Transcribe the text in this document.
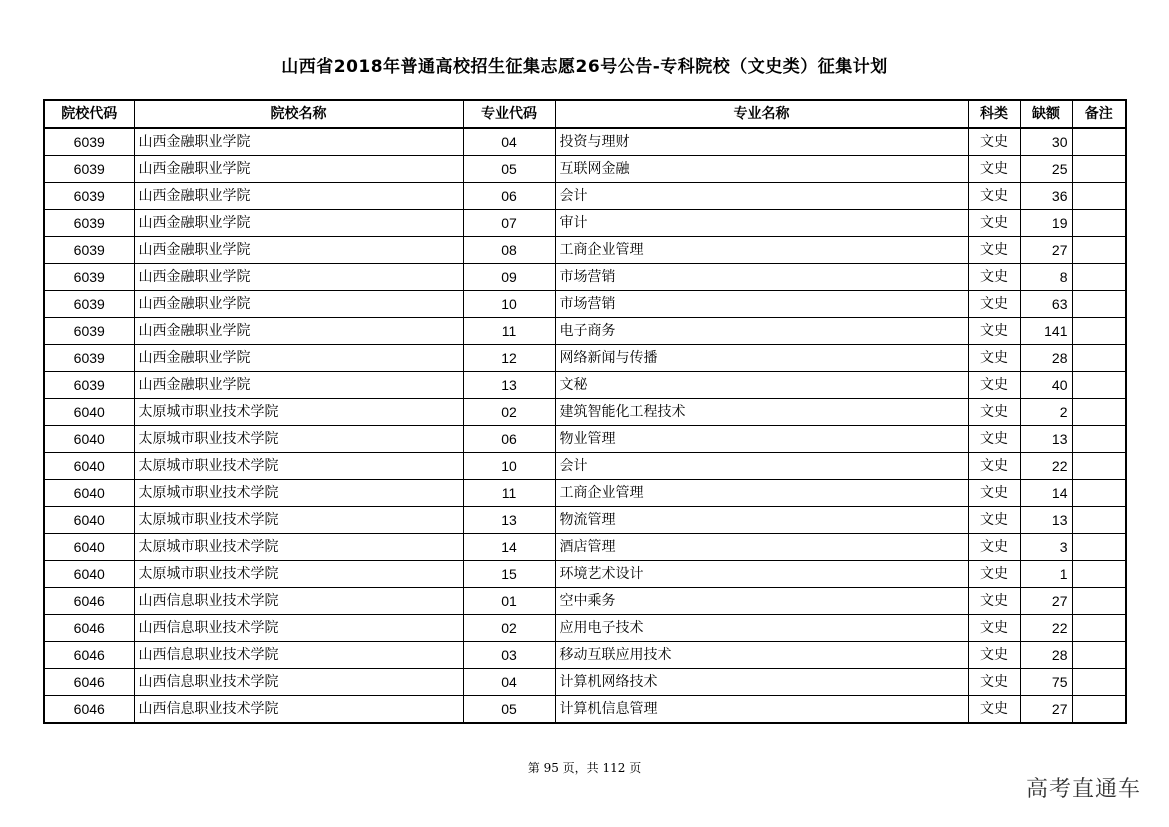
山西省2018年普通高校招生征集志愿26号公告-专科院校（文史类）征集计划
院校代码	院校名称	专业代码	专业名称	科类	缺额	备注
6039	山西金融职业学院	04	投资与理财	文史	30	
6039	山西金融职业学院	05	互联网金融	文史	25	
6039	山西金融职业学院	06	会计	文史	36	
6039	山西金融职业学院	07	审计	文史	19	
6039	山西金融职业学院	08	工商企业管理	文史	27	
6039	山西金融职业学院	09	市场营销	文史	8	
6039	山西金融职业学院	10	市场营销	文史	63	
6039	山西金融职业学院	11	电子商务	文史	141	
6039	山西金融职业学院	12	网络新闻与传播	文史	28	
6039	山西金融职业学院	13	文秘	文史	40	
6040	太原城市职业技术学院	02	建筑智能化工程技术	文史	2	
6040	太原城市职业技术学院	06	物业管理	文史	13	
6040	太原城市职业技术学院	10	会计	文史	22	
6040	太原城市职业技术学院	11	工商企业管理	文史	14	
6040	太原城市职业技术学院	13	物流管理	文史	13	
6040	太原城市职业技术学院	14	酒店管理	文史	3	
6040	太原城市职业技术学院	15	环境艺术设计	文史	1	
6046	山西信息职业技术学院	01	空中乘务	文史	27	
6046	山西信息职业技术学院	02	应用电子技术	文史	22	
6046	山西信息职业技术学院	03	移动互联应用技术	文史	28	
6046	山西信息职业技术学院	04	计算机网络技术	文史	75	
6046	山西信息职业技术学院	05	计算机信息管理	文史	27	
第 95 页，共 112 页
高考直通车
